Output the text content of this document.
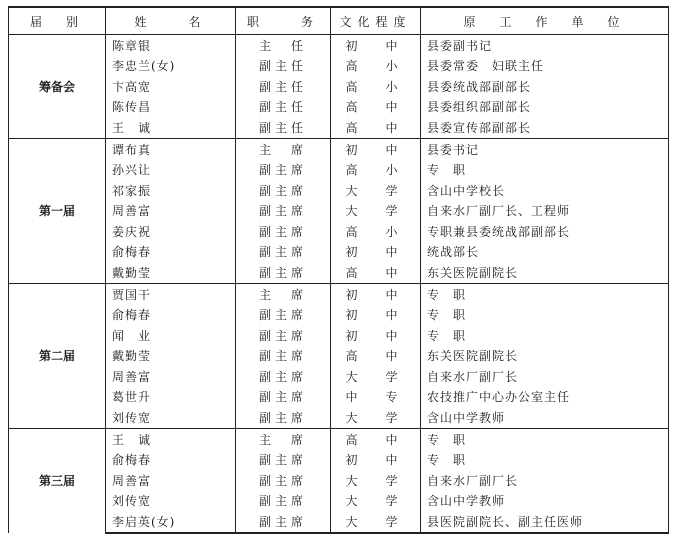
届　别	姓　　名	职　　务	文化程度	原　工　作　单　位
筹备会	陈章银	主　任	初　中	县委副书记
	李忠兰(女)	副主任	高　小	县委常委　妇联主任
	卞高宽	副主任	高　小	县委统战部副部长
	陈传昌	副主任	高　中	县委组织部副部长
	王　诚	副主任	高　中	县委宣传部副部长
第一届	谭布真	主　席	初　中	县委书记
	孙兴让	副主席	高　小	专　职
	祁家振	副主席	大　学	含山中学校长
	周善富	副主席	大　学	自来水厂副厂长、工程师
	姜庆祝	副主席	高　小	专职兼县委统战部副部长
	俞梅春	副主席	初　中	统战部长
	戴勤莹	副主席	高　中	东关医院副院长
第二届	贾国干	主　席	初　中	专　职
	俞梅春	副主席	初　中	专　职
	闻　业	副主席	初　中	专　职
	戴勤莹	副主席	高　中	东关医院副院长
	周善富	副主席	大　学	自来水厂副厂长
	葛世升	副主席	中　专	农技推广中心办公室主任
	刘传宽	副主席	大　学	含山中学教师
第三届	王　诚	主　席	高　中	专　职
	俞梅春	副主席	初　中	专　职
	周善富	副主席	大　学	自来水厂副厂长
	刘传宽	副主席	大　学	含山中学教师
	李启英(女)	副主席	大　学	县医院副院长、副主任医师
